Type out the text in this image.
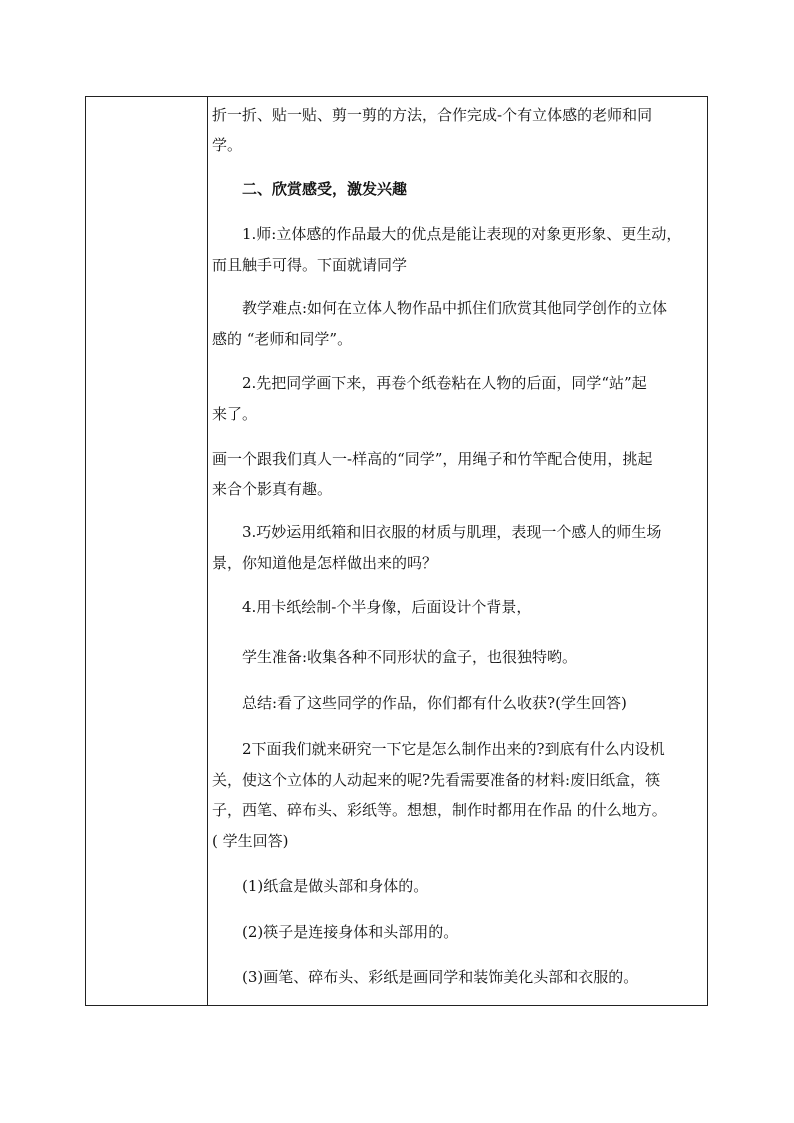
折一折、贴一贴、剪一剪的方法，合作完成-个有立体感的老师和同
学。
二、欣赏感受，激发兴趣
1.师:立体感的作品最大的优点是能让表现的对象更形象、更生动，
而且触手可得。下面就请同学
教学难点:如何在立体人物作品中抓住们欣赏其他同学创作的立体
感的 “老师和同学”。
2.先把同学画下来，再卷个纸卷粘在人物的后面，同学“站”起
来了。
画一个跟我们真人一-样高的“同学”，用绳子和竹竿配合使用，挑起
来合个影真有趣。
3.巧妙运用纸箱和旧衣服的材质与肌理，表现一个感人的师生场
景，你知道他是怎样做出来的吗？
4.用卡纸绘制-个半身像，后面设计个背景，
学生准备:收集各种不同形状的盒子，也很独特哟。
总结:看了这些同学的作品，你们都有什么收获?(学生回答)
2下面我们就来研究一下它是怎么制作出来的?到底有什么内设机
关，使这个立体的人动起来的呢?先看需要准备的材料:废旧纸盒，筷
子，西笔、碎布头、彩纸等。想想，制作时都用在作品 的什么地方。
( 学生回答)
(1)纸盒是做头部和身体的。
(2)筷子是连接身体和头部用的。
(3)画笔、碎布头、彩纸是画同学和装饰美化头部和衣服的。
